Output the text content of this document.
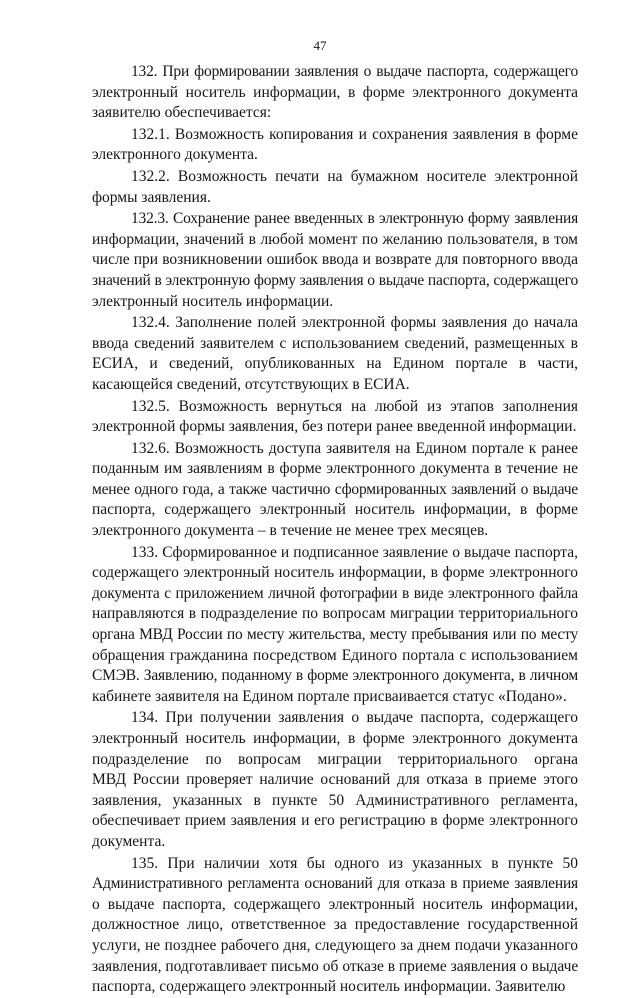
47
132. При формировании заявления о выдаче паспорта, содержащего
электронный носитель информации, в форме электронного документа
заявителю обеспечивается:
132.1. Возможность копирования и сохранения заявления в форме
электронного документа.
132.2. Возможность печати на бумажном носителе электронной
формы заявления.
132.3. Сохранение ранее введенных в электронную форму заявления
информации, значений в любой момент по желанию пользователя, в том
числе при возникновении ошибок ввода и возврате для повторного ввода
значений в электронную форму заявления о выдаче паспорта, содержащего
электронный носитель информации.
132.4. Заполнение полей электронной формы заявления до начала
ввода сведений заявителем с использованием сведений, размещенных в
ЕСИА, и сведений, опубликованных на Едином портале в части,
касающейся сведений, отсутствующих в ЕСИА.
132.5. Возможность вернуться на любой из этапов заполнения
электронной формы заявления, без потери ранее введенной информации.
132.6. Возможность доступа заявителя на Едином портале к ранее
поданным им заявлениям в форме электронного документа в течение не
менее одного года, а также частично сформированных заявлений о выдаче
паспорта, содержащего электронный носитель информации, в форме
электронного документа – в течение не менее трех месяцев.
133. Сформированное и подписанное заявление о выдаче паспорта,
содержащего электронный носитель информации, в форме электронного
документа с приложением личной фотографии в виде электронного файла
направляются в подразделение по вопросам миграции территориального
органа МВД России по месту жительства, месту пребывания или по месту
обращения гражданина посредством Единого портала с использованием
СМЭВ. Заявлению, поданному в форме электронного документа, в личном
кабинете заявителя на Едином портале присваивается статус «Подано».
134. При получении заявления о выдаче паспорта, содержащего
электронный носитель информации, в форме электронного документа
подразделение по вопросам миграции территориального органа
МВД России проверяет наличие оснований для отказа в приеме этого
заявления, указанных в пункте 50 Административного регламента,
обеспечивает прием заявления и его регистрацию в форме электронного
документа.
135. При наличии хотя бы одного из указанных в пункте 50
Административного регламента оснований для отказа в приеме заявления
о выдаче паспорта, содержащего электронный носитель информации,
должностное лицо, ответственное за предоставление государственной
услуги, не позднее рабочего дня, следующего за днем подачи указанного
заявления, подготавливает письмо об отказе в приеме заявления о выдаче
паспорта, содержащего электронный носитель информации. Заявителю
